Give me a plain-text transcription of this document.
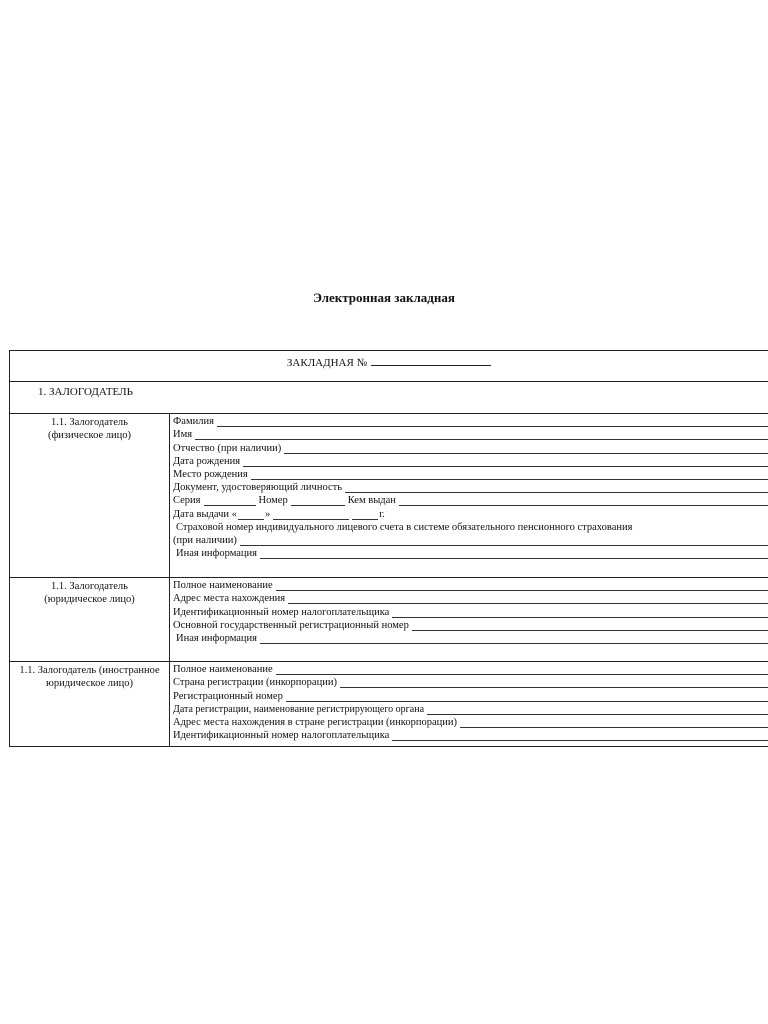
Электронная закладная
ЗАКЛАДНАЯ №
1. ЗАЛОГОДАТЕЛЬ
1.1. Залогодатель (физическое лицо)
Фамилия
Имя
Отчество (при наличии)
Дата рождения
Место рождения
Документ, удостоверяющий личность
Серия	Номер	Кем выдан
Дата выдачи «	»	г.
Страховой номер индивидуального лицевого счета в системе обязательного пенсионного страхования
(при наличии)
Иная информация
1.1. Залогодатель (юридическое лицо)
Полное наименование
Адрес места нахождения
Идентификационный номер налогоплательщика
Основной государственный регистрационный номер
Иная информация
1.1. Залогодатель (иностранное юридическое лицо)
Полное наименование
Страна регистрации (инкорпорации)
Регистрационный номер
Дата регистрации, наименование регистрирующего органа
Адрес места нахождения в стране регистрации (инкорпорации)
Идентификационный номер налогоплательщика
